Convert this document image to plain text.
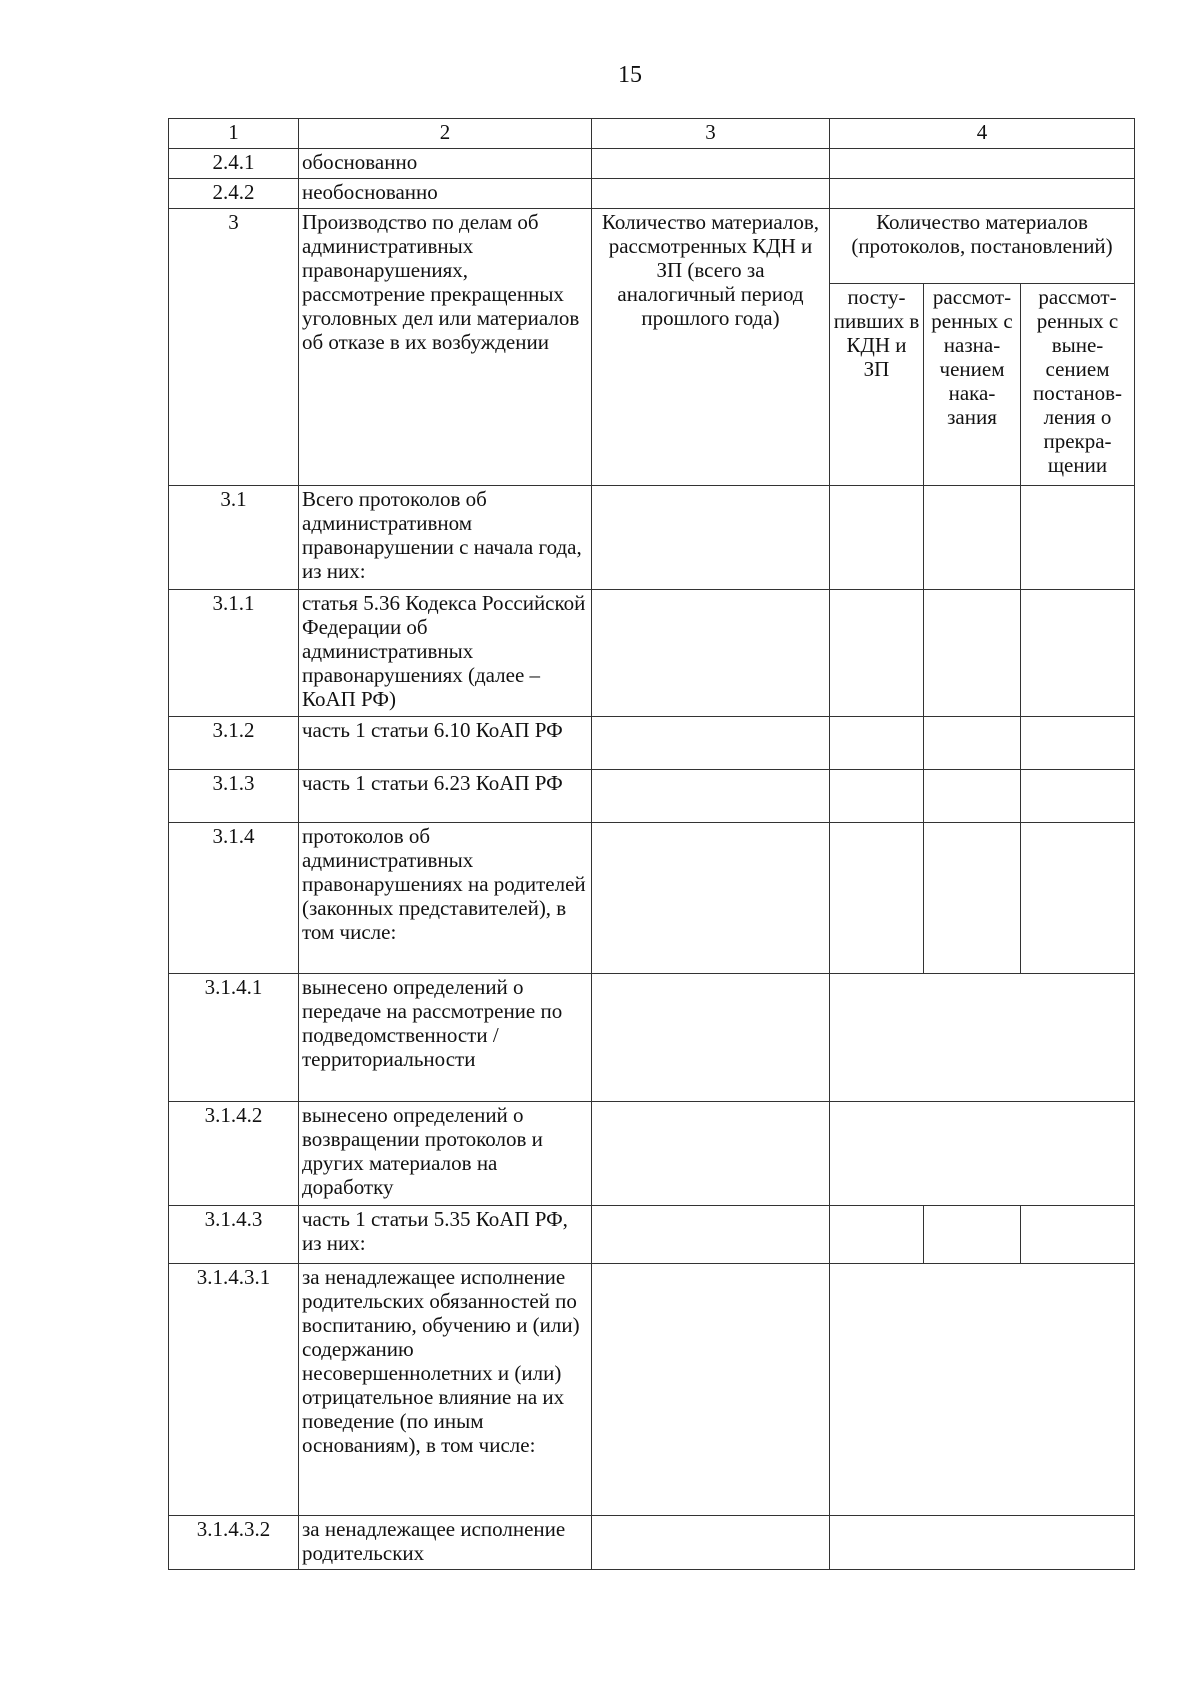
15
1	2	3	4		
2.4.1	обоснованно				
2.4.2	необоснованно				
3	Производство по делам об административных правонарушениях, рассмотрение прекращенных уголовных дел или материалов об отказе в их возбуждении	Количество материалов, рассмотренных КДН и ЗП (всего за аналогичный период прошлого года)	Количество материалов (протоколов, постановлений)		
			посту-пивших в КДН и ЗП	рассмот-ренных с назна-чением нака-зания	рассмот-ренных с выне-сением постанов-ления о прекра-щении
3.1	Всего протоколов об административном правонарушении с начала года, из них:				
3.1.1	статья 5.36 Кодекса Российской Федерации об административных правонарушениях (далее – КоАП РФ)				
3.1.2	часть 1 статьи 6.10 КоАП РФ				
3.1.3	часть 1 статьи 6.23 КоАП РФ				
3.1.4	протоколов об административных правонарушениях на родителей (законных представителей), в том числе:				
3.1.4.1	вынесено определений о передаче на рассмотрение по подведомственности / территориальности				
3.1.4.2	вынесено определений о возвращении протоколов и других материалов на доработку				
3.1.4.3	часть 1 статьи 5.35 КоАП РФ, из них:				
3.1.4.3.1	за ненадлежащее исполнение родительских обязанностей по воспитанию, обучению и (или) содержанию несовершеннолетних и (или) отрицательное влияние на их поведение (по иным основаниям), в том числе:				
3.1.4.3.2	за ненадлежащее исполнение родительских				
